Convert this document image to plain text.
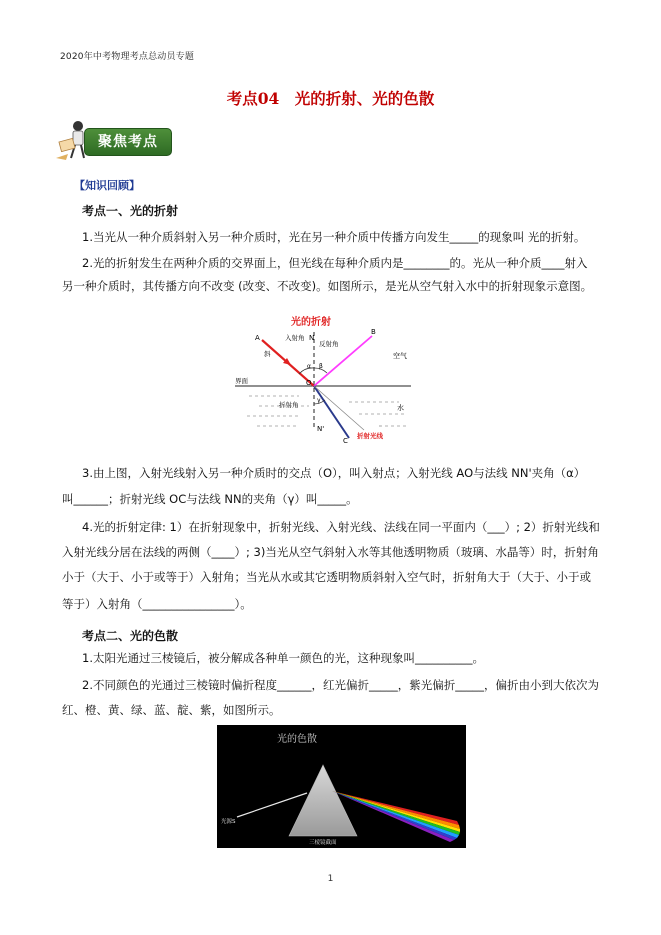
2020年中考物理考点总动员专题
考点04　光的折射、光的色散
聚焦考点
【知识回顾】
考点一、光的折射
1.当光从一种介质斜射入另一种介质时，光在另一种介质中传播方向发生_____的现象叫 光的折射。
2.光的折射发生在两种介质的交界面上，但光线在每种介质内是________的。光从一种介质____射入
另一种介质时，其传播方向不改变 (改变、不改变)。如图所示，是光从空气射入水中的折射现象示意图。
光的折射
A
B
C
N
N'
O
入射角
反射角
界面
空气
水
折射角
折射光线
α β
γ
斜
3.由上图，入射光线射入另一种介质时的交点（O），叫入射点；入射光线 AO与法线 NN'夹角（α）
叫______；折射光线 OC与法线 NN的夹角（γ）叫_____。
4.光的折射定律: 1）在折射现象中，折射光线、入射光线、法线在同一平面内（___）; 2）折射光线和
入射光线分居在法线的两侧（____）; 3)当光从空气斜射入水等其他透明物质（玻璃、水晶等）时，折射角
小于（大于、小于或等于）入射角；当光从水或其它透明物质斜射入空气时，折射角大于（大于、小于或
等于）入射角（________________）。
考点二、光的色散
1.太阳光通过三棱镜后，被分解成各种单一颜色的光，这种现象叫__________。
2.不同颜色的光通过三棱镜时偏折程度______，红光偏折_____，紫光偏折_____，偏折由小到大依次为
红、橙、黄、绿、蓝、靛、紫，如图所示。
光的色散
光源S
三棱镜截面
1
